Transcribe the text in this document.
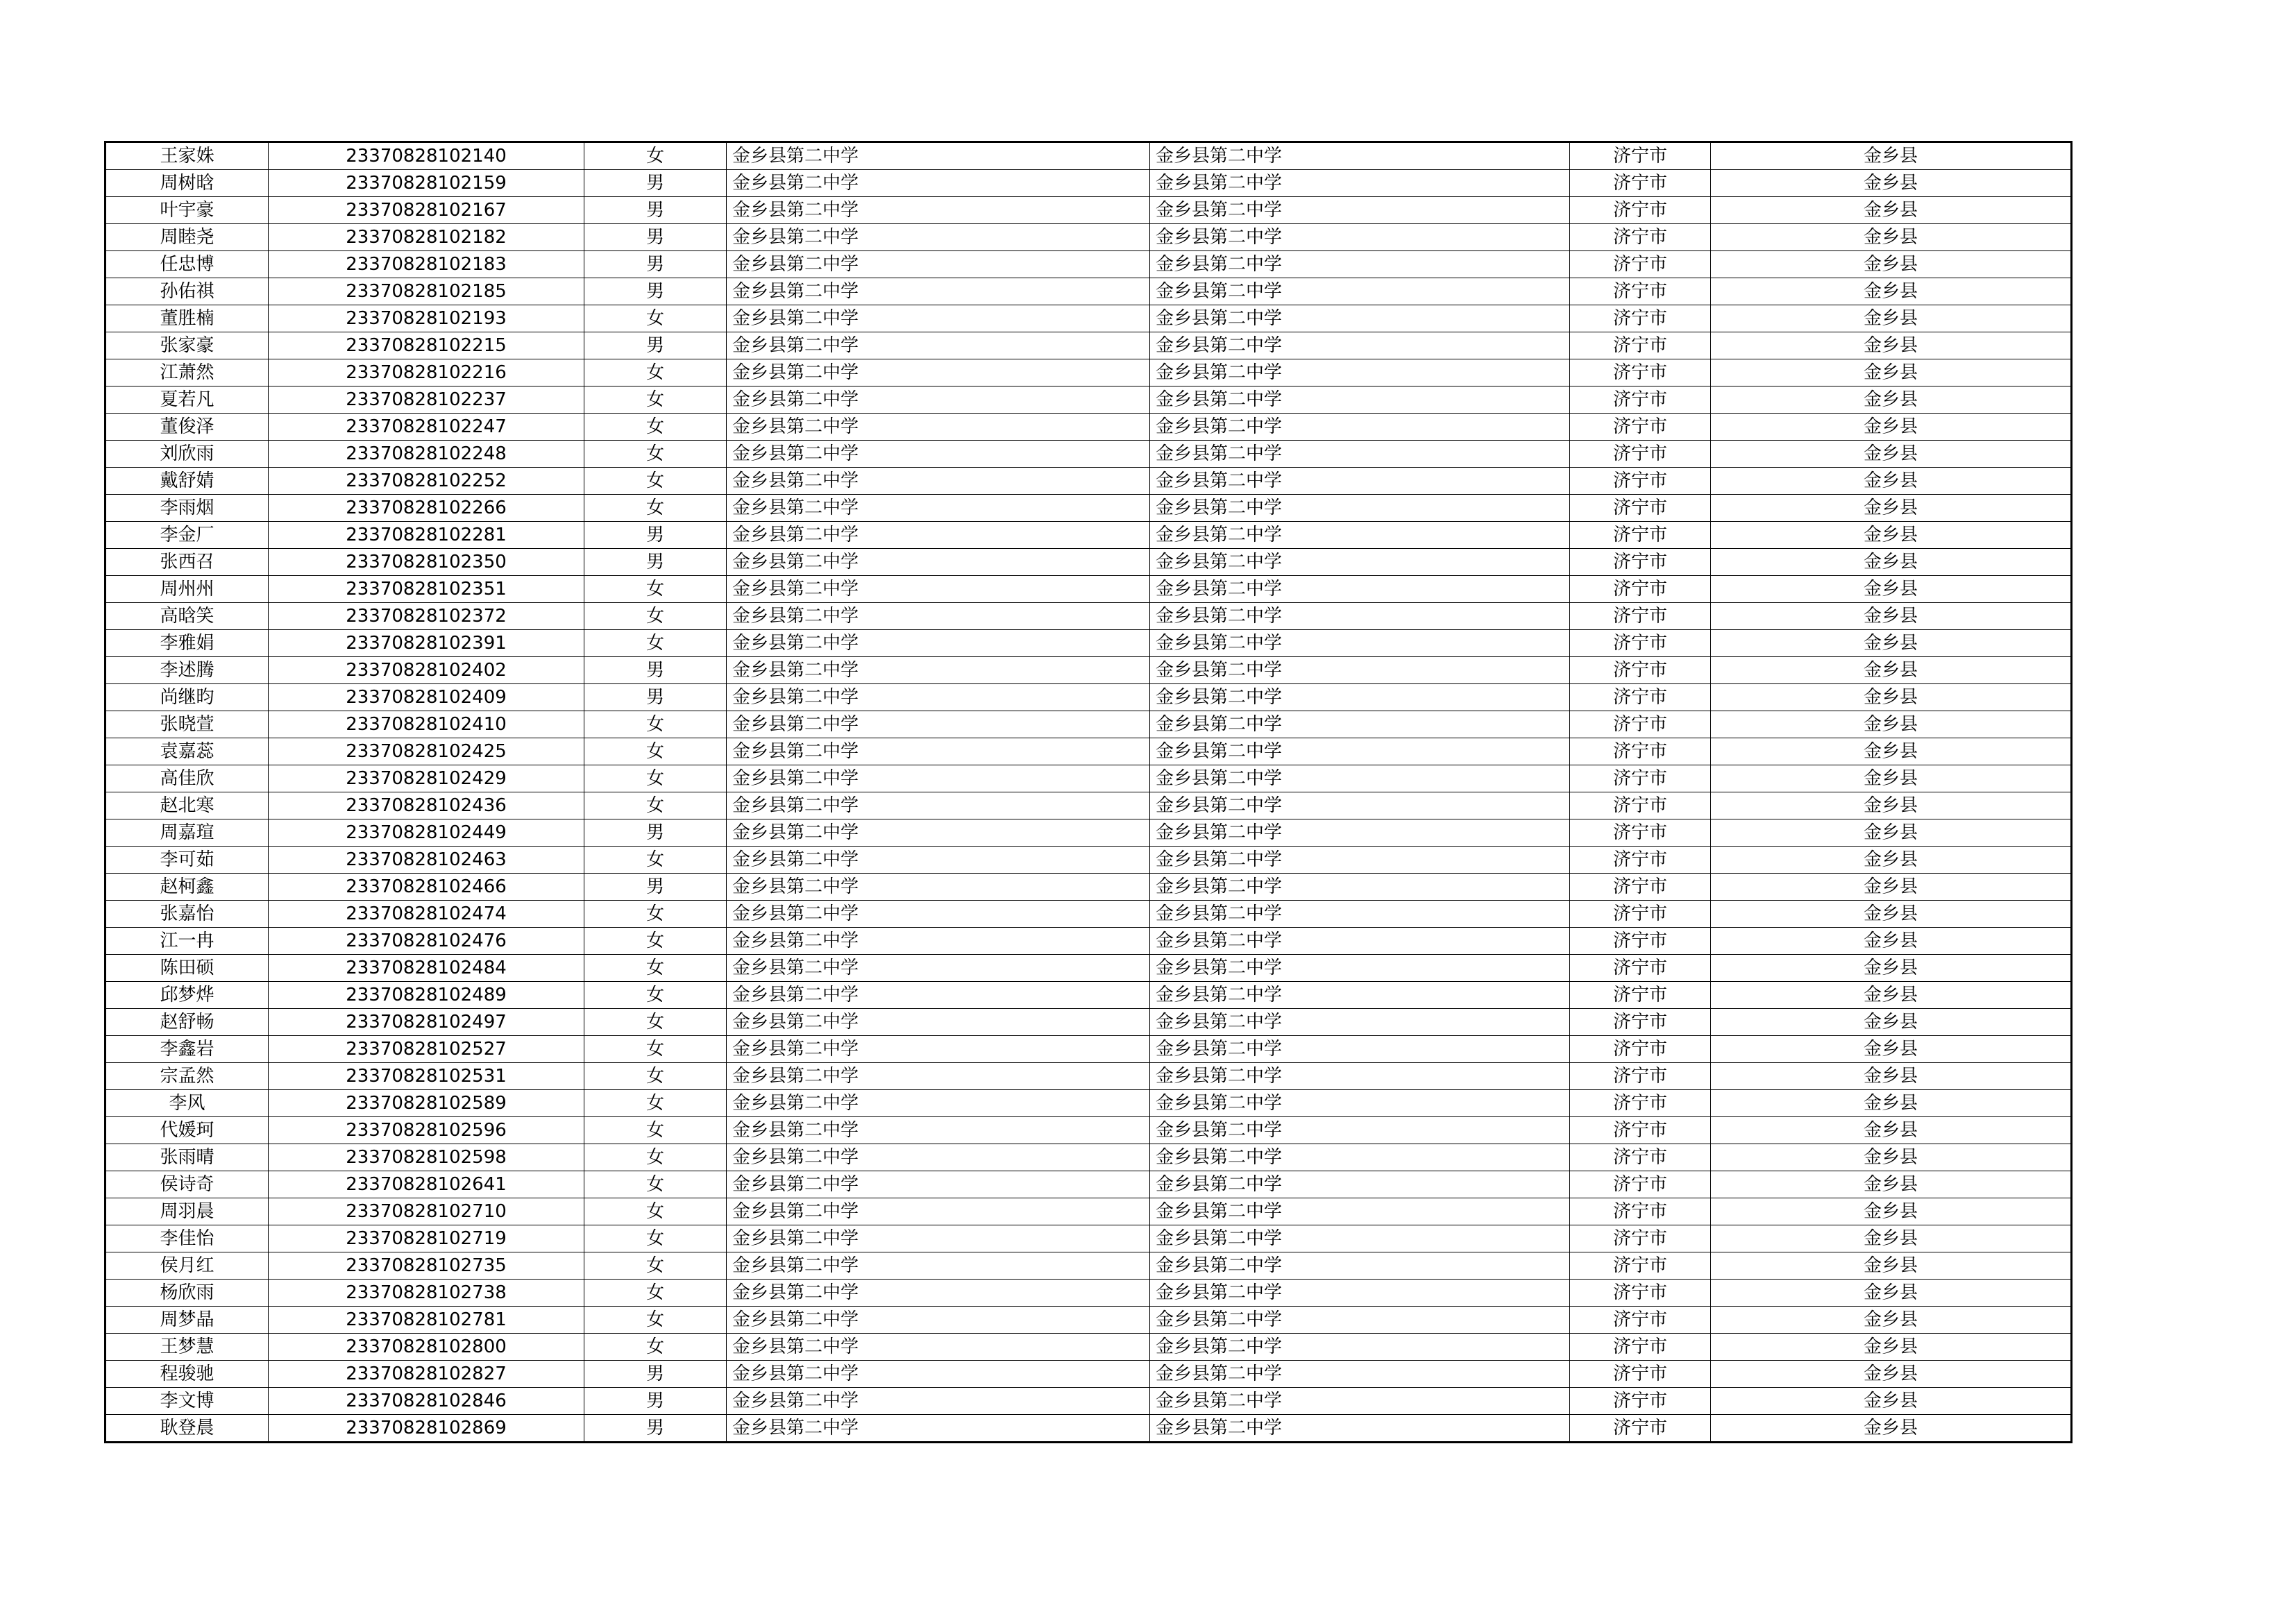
王家姝	23370828102140	女	金乡县第二中学	金乡县第二中学	济宁市	金乡县
周树晗	23370828102159	男	金乡县第二中学	金乡县第二中学	济宁市	金乡县
叶宇豪	23370828102167	男	金乡县第二中学	金乡县第二中学	济宁市	金乡县
周睦尧	23370828102182	男	金乡县第二中学	金乡县第二中学	济宁市	金乡县
任忠博	23370828102183	男	金乡县第二中学	金乡县第二中学	济宁市	金乡县
孙佑祺	23370828102185	男	金乡县第二中学	金乡县第二中学	济宁市	金乡县
董胜楠	23370828102193	女	金乡县第二中学	金乡县第二中学	济宁市	金乡县
张家豪	23370828102215	男	金乡县第二中学	金乡县第二中学	济宁市	金乡县
江萧然	23370828102216	女	金乡县第二中学	金乡县第二中学	济宁市	金乡县
夏若凡	23370828102237	女	金乡县第二中学	金乡县第二中学	济宁市	金乡县
董俊泽	23370828102247	女	金乡县第二中学	金乡县第二中学	济宁市	金乡县
刘欣雨	23370828102248	女	金乡县第二中学	金乡县第二中学	济宁市	金乡县
戴舒婧	23370828102252	女	金乡县第二中学	金乡县第二中学	济宁市	金乡县
李雨烟	23370828102266	女	金乡县第二中学	金乡县第二中学	济宁市	金乡县
李金厂	23370828102281	男	金乡县第二中学	金乡县第二中学	济宁市	金乡县
张西召	23370828102350	男	金乡县第二中学	金乡县第二中学	济宁市	金乡县
周州州	23370828102351	女	金乡县第二中学	金乡县第二中学	济宁市	金乡县
高晗笑	23370828102372	女	金乡县第二中学	金乡县第二中学	济宁市	金乡县
李雅娟	23370828102391	女	金乡县第二中学	金乡县第二中学	济宁市	金乡县
李述腾	23370828102402	男	金乡县第二中学	金乡县第二中学	济宁市	金乡县
尚继昀	23370828102409	男	金乡县第二中学	金乡县第二中学	济宁市	金乡县
张晓萱	23370828102410	女	金乡县第二中学	金乡县第二中学	济宁市	金乡县
袁嘉蕊	23370828102425	女	金乡县第二中学	金乡县第二中学	济宁市	金乡县
高佳欣	23370828102429	女	金乡县第二中学	金乡县第二中学	济宁市	金乡县
赵北寒	23370828102436	女	金乡县第二中学	金乡县第二中学	济宁市	金乡县
周嘉瑄	23370828102449	男	金乡县第二中学	金乡县第二中学	济宁市	金乡县
李可茹	23370828102463	女	金乡县第二中学	金乡县第二中学	济宁市	金乡县
赵柯鑫	23370828102466	男	金乡县第二中学	金乡县第二中学	济宁市	金乡县
张嘉怡	23370828102474	女	金乡县第二中学	金乡县第二中学	济宁市	金乡县
江一冉	23370828102476	女	金乡县第二中学	金乡县第二中学	济宁市	金乡县
陈田硕	23370828102484	女	金乡县第二中学	金乡县第二中学	济宁市	金乡县
邱梦烨	23370828102489	女	金乡县第二中学	金乡县第二中学	济宁市	金乡县
赵舒畅	23370828102497	女	金乡县第二中学	金乡县第二中学	济宁市	金乡县
李鑫岩	23370828102527	女	金乡县第二中学	金乡县第二中学	济宁市	金乡县
宗孟然	23370828102531	女	金乡县第二中学	金乡县第二中学	济宁市	金乡县
李风	23370828102589	女	金乡县第二中学	金乡县第二中学	济宁市	金乡县
代媛珂	23370828102596	女	金乡县第二中学	金乡县第二中学	济宁市	金乡县
张雨晴	23370828102598	女	金乡县第二中学	金乡县第二中学	济宁市	金乡县
侯诗奇	23370828102641	女	金乡县第二中学	金乡县第二中学	济宁市	金乡县
周羽晨	23370828102710	女	金乡县第二中学	金乡县第二中学	济宁市	金乡县
李佳怡	23370828102719	女	金乡县第二中学	金乡县第二中学	济宁市	金乡县
侯月红	23370828102735	女	金乡县第二中学	金乡县第二中学	济宁市	金乡县
杨欣雨	23370828102738	女	金乡县第二中学	金乡县第二中学	济宁市	金乡县
周梦晶	23370828102781	女	金乡县第二中学	金乡县第二中学	济宁市	金乡县
王梦慧	23370828102800	女	金乡县第二中学	金乡县第二中学	济宁市	金乡县
程骏驰	23370828102827	男	金乡县第二中学	金乡县第二中学	济宁市	金乡县
李文博	23370828102846	男	金乡县第二中学	金乡县第二中学	济宁市	金乡县
耿登晨	23370828102869	男	金乡县第二中学	金乡县第二中学	济宁市	金乡县
